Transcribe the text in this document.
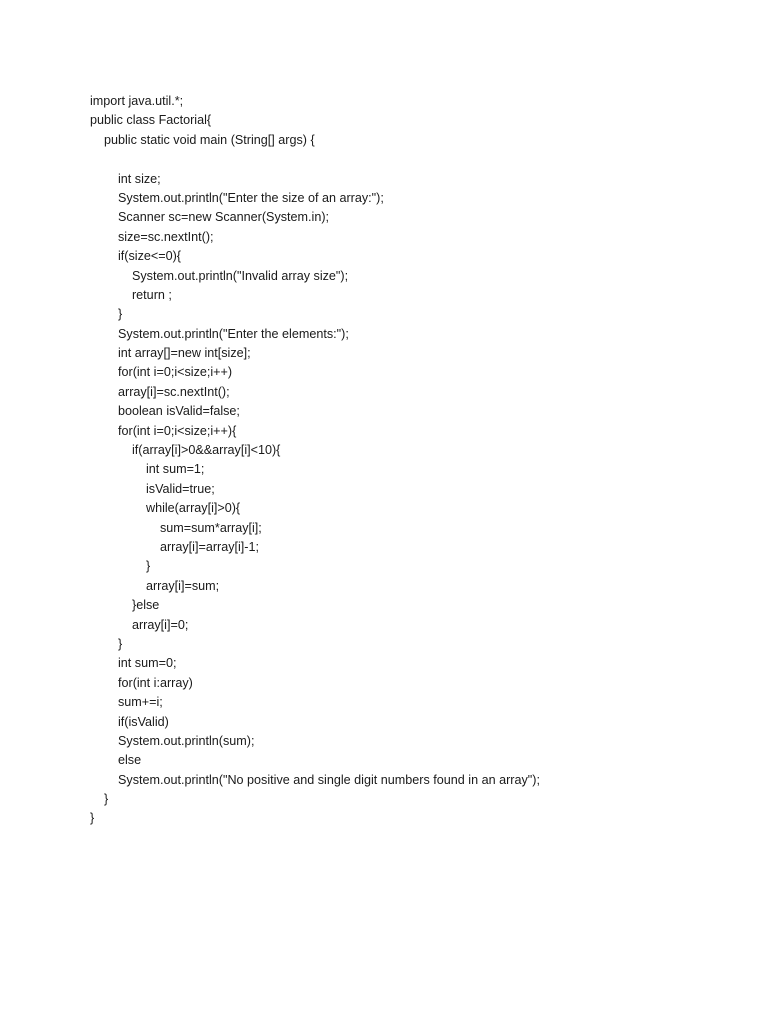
import java.util.*;
public class Factorial{
public static void main (String[] args) {
int size;
System.out.println("Enter the size of an array:");
Scanner sc=new Scanner(System.in);
size=sc.nextInt();
if(size<=0){
System.out.println("Invalid array size");
return ;
}
System.out.println("Enter the elements:");
int array[]=new int[size];
for(int i=0;i<size;i++)
array[i]=sc.nextInt();
boolean isValid=false;
for(int i=0;i<size;i++){
if(array[i]>0&&array[i]<10){
int sum=1;
isValid=true;
while(array[i]>0){
sum=sum*array[i];
array[i]=array[i]-1;
}
array[i]=sum;
}else
array[i]=0;
}
int sum=0;
for(int i:array)
sum+=i;
if(isValid)
System.out.println(sum);
else
System.out.println("No positive and single digit numbers found in an array");
}
}
